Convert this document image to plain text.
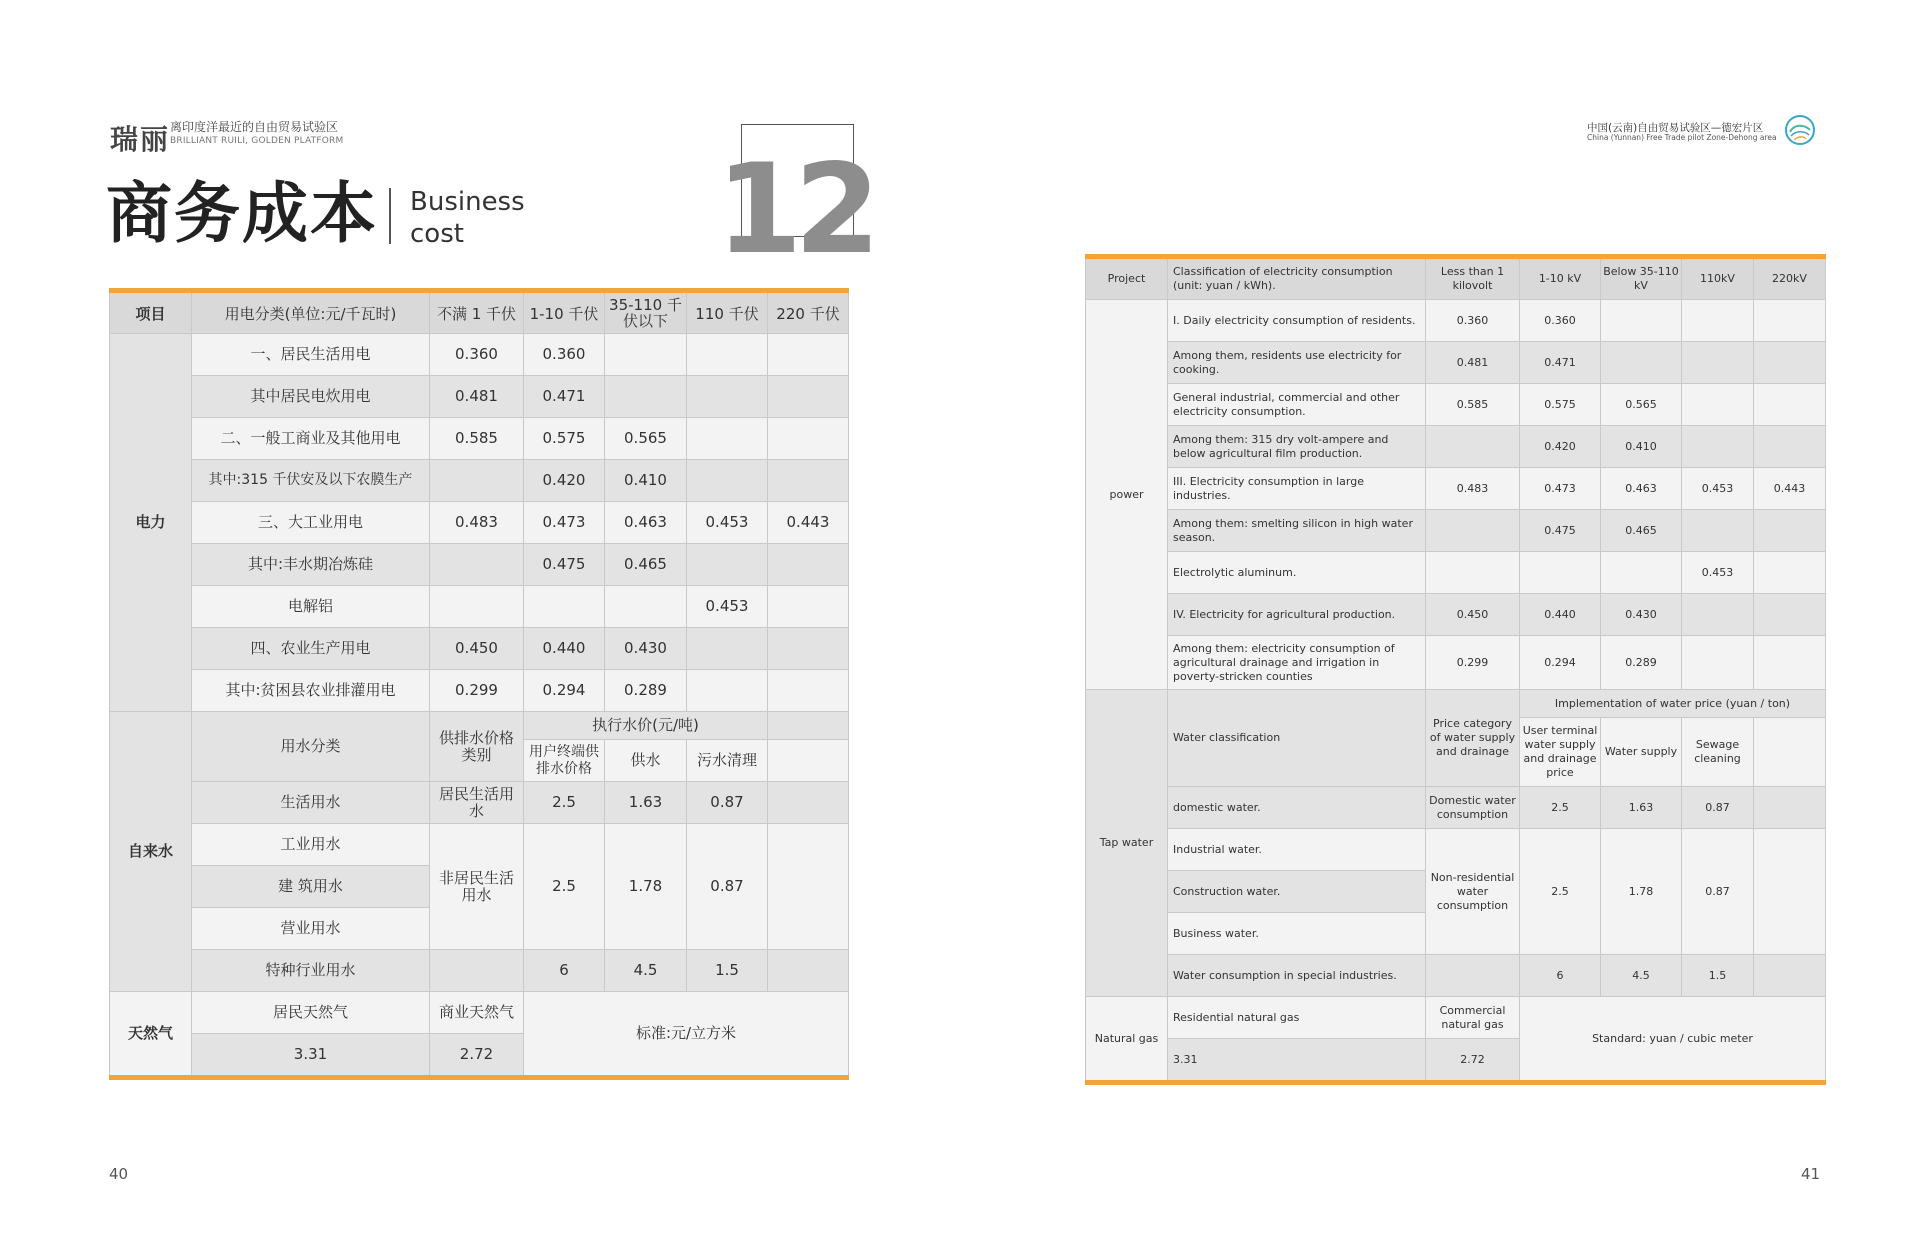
瑞丽 离印度洋最近的自由贸易试验区
BRILLIANT RUILI, GOLDEN PLATFORM
商务成本 Business cost	12
项目	用电分类(单位:元/千瓦时)	不满 1 千伏	1-10 千伏	35-110 千伏以下	110 千伏	220 千伏
电力	一、居民生活用电	0.360	0.360			
	其中居民电炊用电	0.481	0.471			
	二、一般工商业及其他用电	0.585	0.575	0.565		
	其中:315 千伏安及以下农膜生产		0.420	0.410		
	三、大工业用电	0.483	0.473	0.463	0.453	0.443
	其中:丰水期冶炼硅		0.475	0.465		
	电解铝				0.453	
	四、农业生产用电	0.450	0.440	0.430		
	其中:贫困县农业排灌用电	0.299	0.294	0.289		
自来水	用水分类	供排水价格类别	执行水价(元/吨)			
			用户终端供排水价格	供水	污水清理	
	生活用水	居民生活用水	2.5	1.63	0.87	
	工业用水	非居民生活用水	2.5	1.78	0.87	
	建 筑用水					
	营业用水					
	特种行业用水		6	4.5	1.5	
天然气	居民天然气	商业天然气	标准:元/立方米			
	3.31	2.72				
40
中国(云南)自由贸易试验区—德宏片区
China (Yunnan) Free Trade pilot Zone-Dehong area
Project	Classification of electricity consumption (unit: yuan / kWh).	Less than 1 kilovolt	1-10 kV	Below 35-110 kV	110kV	220kV
power	I. Daily electricity consumption of residents.	0.360	0.360			
	Among them, residents use electricity for cooking.	0.481	0.471			
	General industrial, commercial and other electricity consumption.	0.585	0.575	0.565		
	Among them: 315 dry volt-ampere and below agricultural film production.		0.420	0.410		
	III. Electricity consumption in large industries.	0.483	0.473	0.463	0.453	0.443
	Among them: smelting silicon in high water season.		0.475	0.465		
	Electrolytic aluminum.				0.453	
	IV. Electricity for agricultural production.	0.450	0.440	0.430		
	Among them: electricity consumption of agricultural drainage and irrigation in poverty-stricken counties	0.299	0.294	0.289		
Tap water	Water classification	Price category of water supply and drainage	Implementation of water price (yuan / ton)			
			User terminal water supply and drainage price	Water supply	Sewage cleaning	
	domestic water.	Domestic water consumption	2.5	1.63	0.87	
	Industrial water.	Non-residential water consumption	2.5	1.78	0.87	
	Construction water.					
	Business water.					
	Water consumption in special industries.		6	4.5	1.5	
Natural gas	Residential natural gas	Commercial natural gas	Standard: yuan / cubic meter			
	3.31	2.72				
41
